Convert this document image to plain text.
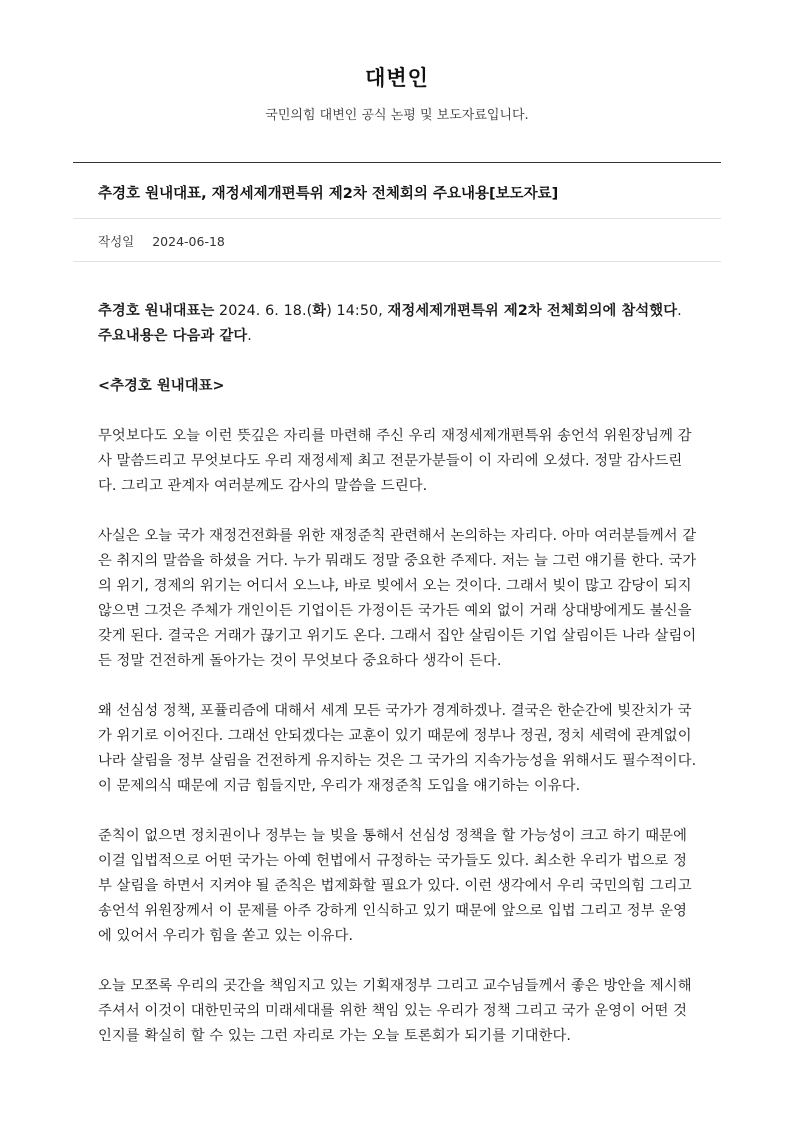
대변인
국민의힘 대변인 공식 논평 및 보도자료입니다.
추경호 원내대표, 재정세제개편특위 제2차 전체회의 주요내용[보도자료]
작성일 2024-06-18

추경호 원내대표는 2024. 6. 18.(화) 14:50, 재정세제개편특위 제2차 전체회의에 참석했다. 주요내용은 다음과 같다.

<추경호 원내대표>

무엇보다도 오늘 이런 뜻깊은 자리를 마련해 주신 우리 재정세제개편특위 송언석 위원장님께 감사 말씀드리고 무엇보다도 우리 재정세제 최고 전문가분들이 이 자리에 오셨다. 정말 감사드린다. 그리고 관계자 여러분께도 감사의 말씀을 드린다.

사실은 오늘 국가 재정건전화를 위한 재정준칙 관련해서 논의하는 자리다. 아마 여러분들께서 같은 취지의 말씀을 하셨을 거다. 누가 뭐래도 정말 중요한 주제다. 저는 늘 그런 얘기를 한다. 국가의 위기, 경제의 위기는 어디서 오느냐, 바로 빚에서 오는 것이다. 그래서 빚이 많고 감당이 되지 않으면 그것은 주체가 개인이든 기업이든 가정이든 국가든 예외 없이 거래 상대방에게도 불신을 갖게 된다. 결국은 거래가 끊기고 위기도 온다. 그래서 집안 살림이든 기업 살림이든 나라 살림이든 정말 건전하게 돌아가는 것이 무엇보다 중요하다 생각이 든다.

왜 선심성 정책, 포퓰리즘에 대해서 세계 모든 국가가 경계하겠나. 결국은 한순간에 빚잔치가 국가 위기로 이어진다. 그래선 안되겠다는 교훈이 있기 때문에 정부나 정권, 정치 세력에 관계없이 나라 살림을 정부 살림을 건전하게 유지하는 것은 그 국가의 지속가능성을 위해서도 필수적이다. 이 문제의식 때문에 지금 힘들지만, 우리가 재정준칙 도입을 얘기하는 이유다.

준칙이 없으면 정치권이나 정부는 늘 빚을 통해서 선심성 정책을 할 가능성이 크고 하기 때문에 이걸 입법적으로 어떤 국가는 아예 헌법에서 규정하는 국가들도 있다. 최소한 우리가 법으로 정부 살림을 하면서 지켜야 될 준칙은 법제화할 필요가 있다. 이런 생각에서 우리 국민의힘 그리고 송언석 위원장께서 이 문제를 아주 강하게 인식하고 있기 때문에 앞으로 입법 그리고 정부 운영에 있어서 우리가 힘을 쏟고 있는 이유다.

오늘 모쪼록 우리의 곳간을 책임지고 있는 기획재정부 그리고 교수님들께서 좋은 방안을 제시해 주셔서 이것이 대한민국의 미래세대를 위한 책임 있는 우리가 정책 그리고 국가 운영이 어떤 것인지를 확실히 할 수 있는 그런 자리로 가는 오늘 토론회가 되기를 기대한다.
